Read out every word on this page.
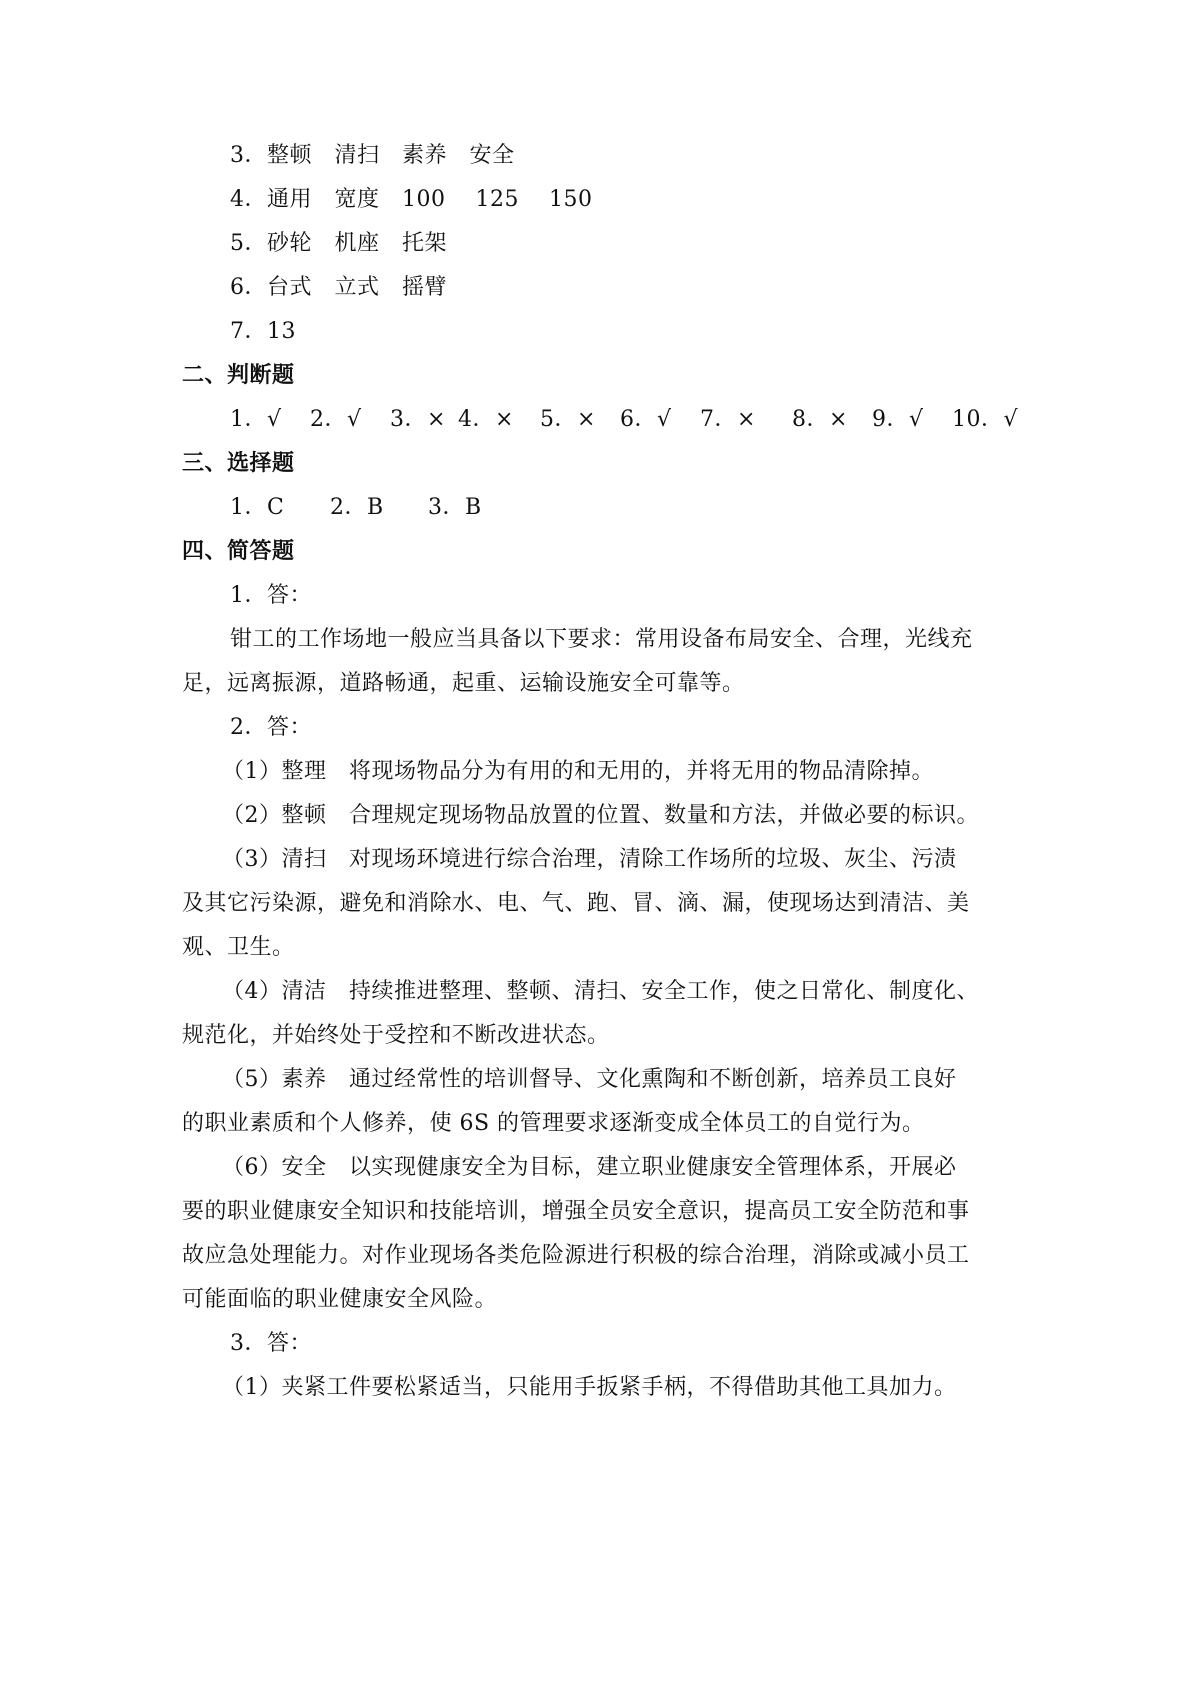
3．整顿　清扫　素养　安全
4．通用　宽度　100　 125　 150
5．砂轮　机座　托架
6．台式　立式　摇臂
7．13
二、判断题
1．√ 2．√ 3．× 4．× 5．× 6．√ 7．× 8．× 9．√ 10．√
三、选择题
1．C 2．B 3．B
四、简答题
1．答：
钳工的工作场地一般应当具备以下要求：常用设备布局安全、合理，光线充
足，远离振源，道路畅通，起重、运输设施安全可靠等。
2．答：
（1）整理　将现场物品分为有用的和无用的，并将无用的物品清除掉。
（2）整顿　合理规定现场物品放置的位置、数量和方法，并做必要的标识。
（3）清扫　对现场环境进行综合治理，清除工作场所的垃圾、灰尘、污渍
及其它污染源，避免和消除水、电、气、跑、冒、滴、漏，使现场达到清洁、美
观、卫生。
（4）清洁　持续推进整理、整顿、清扫、安全工作，使之日常化、制度化、
规范化，并始终处于受控和不断改进状态。
（5）素养　通过经常性的培训督导、文化熏陶和不断创新，培养员工良好
的职业素质和个人修养，使 6S 的管理要求逐渐变成全体员工的自觉行为。
（6）安全　以实现健康安全为目标，建立职业健康安全管理体系，开展必
要的职业健康安全知识和技能培训，增强全员安全意识，提高员工安全防范和事
故应急处理能力。对作业现场各类危险源进行积极的综合治理，消除或减小员工
可能面临的职业健康安全风险。
3．答：
（1）夹紧工件要松紧适当，只能用手扳紧手柄，不得借助其他工具加力。
